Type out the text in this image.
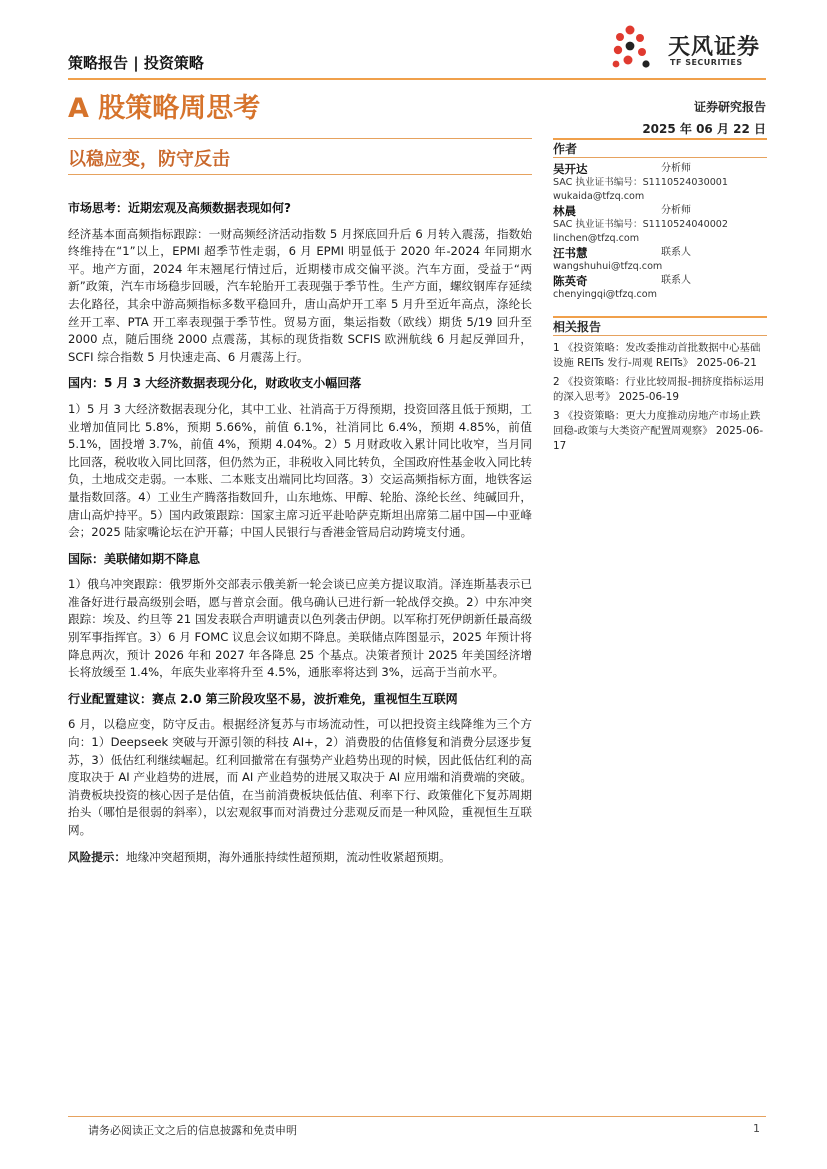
策略报告 | 投资策略
天风证券
TF SECURITIES
A 股策略周思考	证券研究报告
2025 年 06 月 22 日
以稳应变，防守反击
市场思考：近期宏观及高频数据表现如何?

经济基本面高频指标跟踪：一财高频经济活动指数 5 月探底回升后 6 月转入震荡，指数始终维持在“1”以上，EPMI 超季节性走弱，6 月 EPMI 明显低于 2020 年-2024 年同期水平。地产方面，2024 年末翘尾行情过后，近期楼市成交偏平淡。汽车方面，受益于“两新”政策，汽车市场稳步回暖，汽车轮胎开工表现强于季节性。生产方面，螺纹钢库存延续去化路径，其余中游高频指标多数平稳回升，唐山高炉开工率 5 月升至近年高点，涤纶长丝开工率、PTA 开工率表现强于季节性。贸易方面，集运指数（欧线）期货 5/19 回升至 2000 点，随后围绕 2000 点震荡，其标的现货指数 SCFIS 欧洲航线 6 月起反弹回升，SCFI 综合指数 5 月快速走高、6 月震荡上行。

国内：5 月 3 大经济数据表现分化，财政收支小幅回落

1）5 月 3 大经济数据表现分化，其中工业、社消高于万得预期，投资回落且低于预期，工业增加值同比 5.8%，预期 5.66%，前值 6.1%，社消同比 6.4%，预期 4.85%，前值 5.1%，固投增 3.7%，前值 4%，预期 4.04%。2）5 月财政收入累计同比收窄，当月同比回落，税收收入同比回落，但仍然为正，非税收入同比转负，全国政府性基金收入同比转负，土地成交走弱。一本账、二本账支出端同比均回落。3）交运高频指标方面，地铁客运量指数回落。4）工业生产腾落指数回升，山东地炼、甲醇、轮胎、涤纶长丝、纯碱回升，唐山高炉持平。5）国内政策跟踪：国家主席习近平赴哈萨克斯坦出席第二届中国—中亚峰会；2025 陆家嘴论坛在沪开幕；中国人民银行与香港金管局启动跨境支付通。

国际：美联储如期不降息

1）俄乌冲突跟踪：俄罗斯外交部表示俄美新一轮会谈已应美方提议取消。泽连斯基表示已准备好进行最高级别会晤，愿与普京会面。俄乌确认已进行新一轮战俘交换。2）中东冲突跟踪：埃及、约旦等 21 国发表联合声明谴责以色列袭击伊朗。以军称打死伊朗新任最高级别军事指挥官。3）6 月 FOMC 议息会议如期不降息。美联储点阵图显示，2025 年预计将降息两次，预计 2026 年和 2027 年各降息 25 个基点。决策者预计 2025 年美国经济增长将放缓至 1.4%，年底失业率将升至 4.5%，通胀率将达到 3%，远高于当前水平。

行业配置建议：赛点 2.0 第三阶段攻坚不易，波折难免，重视恒生互联网

6 月，以稳应变，防守反击。根据经济复苏与市场流动性，可以把投资主线降维为三个方向：1）Deepseek 突破与开源引领的科技 AI+，2）消费股的估值修复和消费分层逐步复苏，3）低估红利继续崛起。红利回撤常在有强势产业趋势出现的时候，因此低估红利的高度取决于 AI 产业趋势的进展，而 AI 产业趋势的进展又取决于 AI 应用端和消费端的突破。消费板块投资的核心因子是估值，在当前消费板块低估值、利率下行、政策催化下复苏周期抬头（哪怕是很弱的斜率），以宏观叙事而对消费过分悲观反而是一种风险，重视恒生互联网。

风险提示：地缘冲突超预期，海外通胀持续性超预期，流动性收紧超预期。

作者
吴开达	分析师
SAC 执业证书编号：S1110524030001
wukaida@tfzq.com
林晨	分析师
SAC 执业证书编号：S1110524040002
linchen@tfzq.com
汪书慧	联系人
wangshuhui@tfzq.com
陈英奇	联系人
chenyingqi@tfzq.com
相关报告
1 《投资策略：发改委推动首批数据中心基础设施 REITs 发行-周观 REITs》 2025-06-21
2 《投资策略：行业比较周报-拥挤度指标运用的深入思考》 2025-06-19
3 《投资策略：更大力度推动房地产市场止跌回稳-政策与大类资产配置周观察》 2025-06-17
请务必阅读正文之后的信息披露和免责申明	1
